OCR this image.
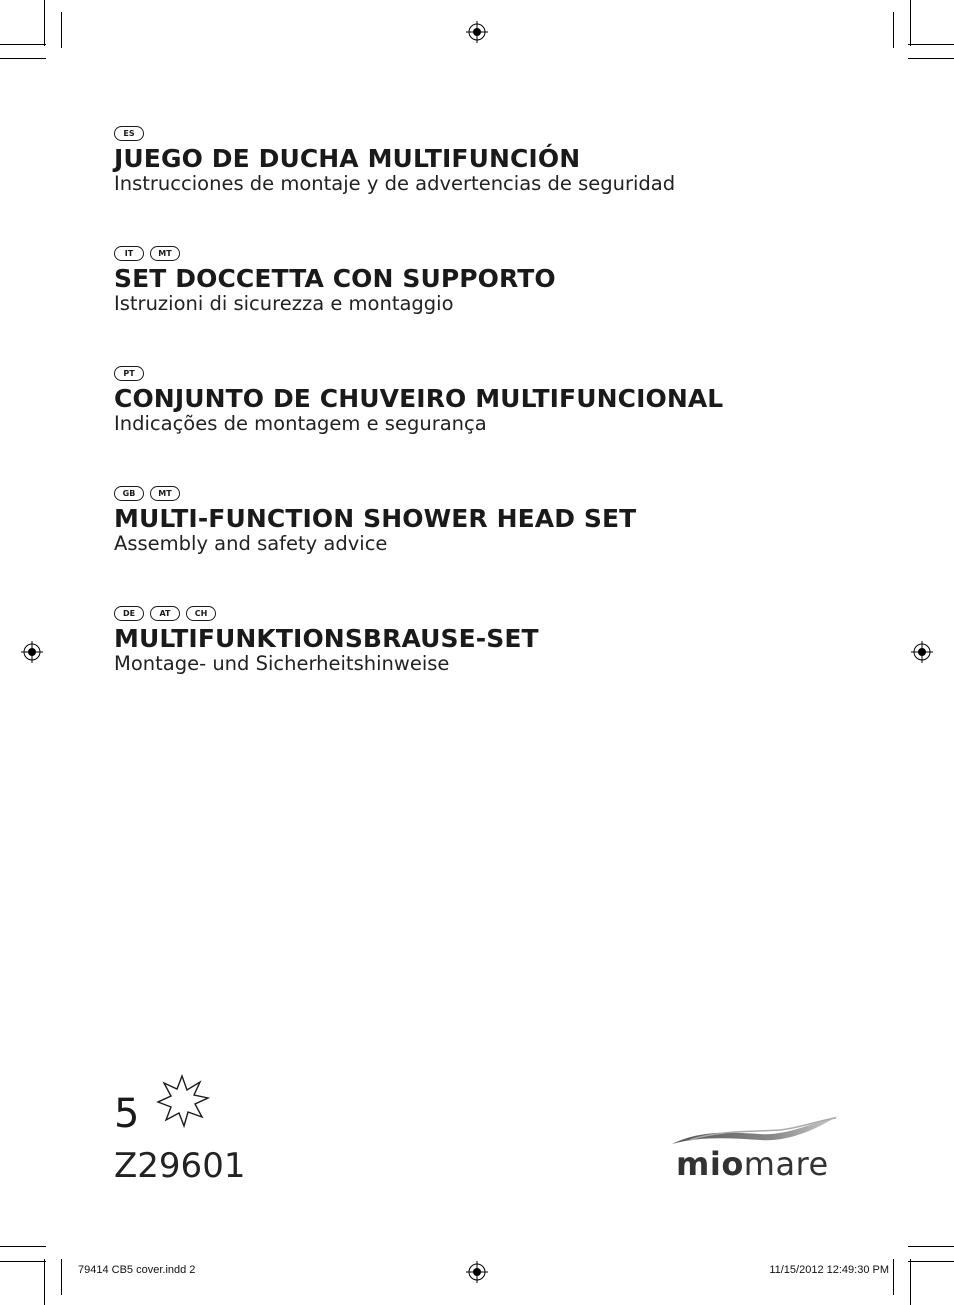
ES
JUEGO DE DUCHA MULTIFUNCIÓN
Instrucciones de montaje y de advertencias de seguridad
IT	MT
SET DOCCETTA CON SUPPORTO
Istruzioni di sicurezza e montaggio
PT
CONJUNTO DE CHUVEIRO MULTIFUNCIONAL
Indicações de montagem e segurança
GB	MT
MULTI-FUNCTION SHOWER HEAD SET
Assembly and safety advice
DE	AT	CH
MULTIFUNKTIONSBRAUSE-SET
Montage- und Sicherheitshinweise
5
Z29601	miomare
79414 CB5 cover.indd 2	11/15/2012 12:49:30 PM
